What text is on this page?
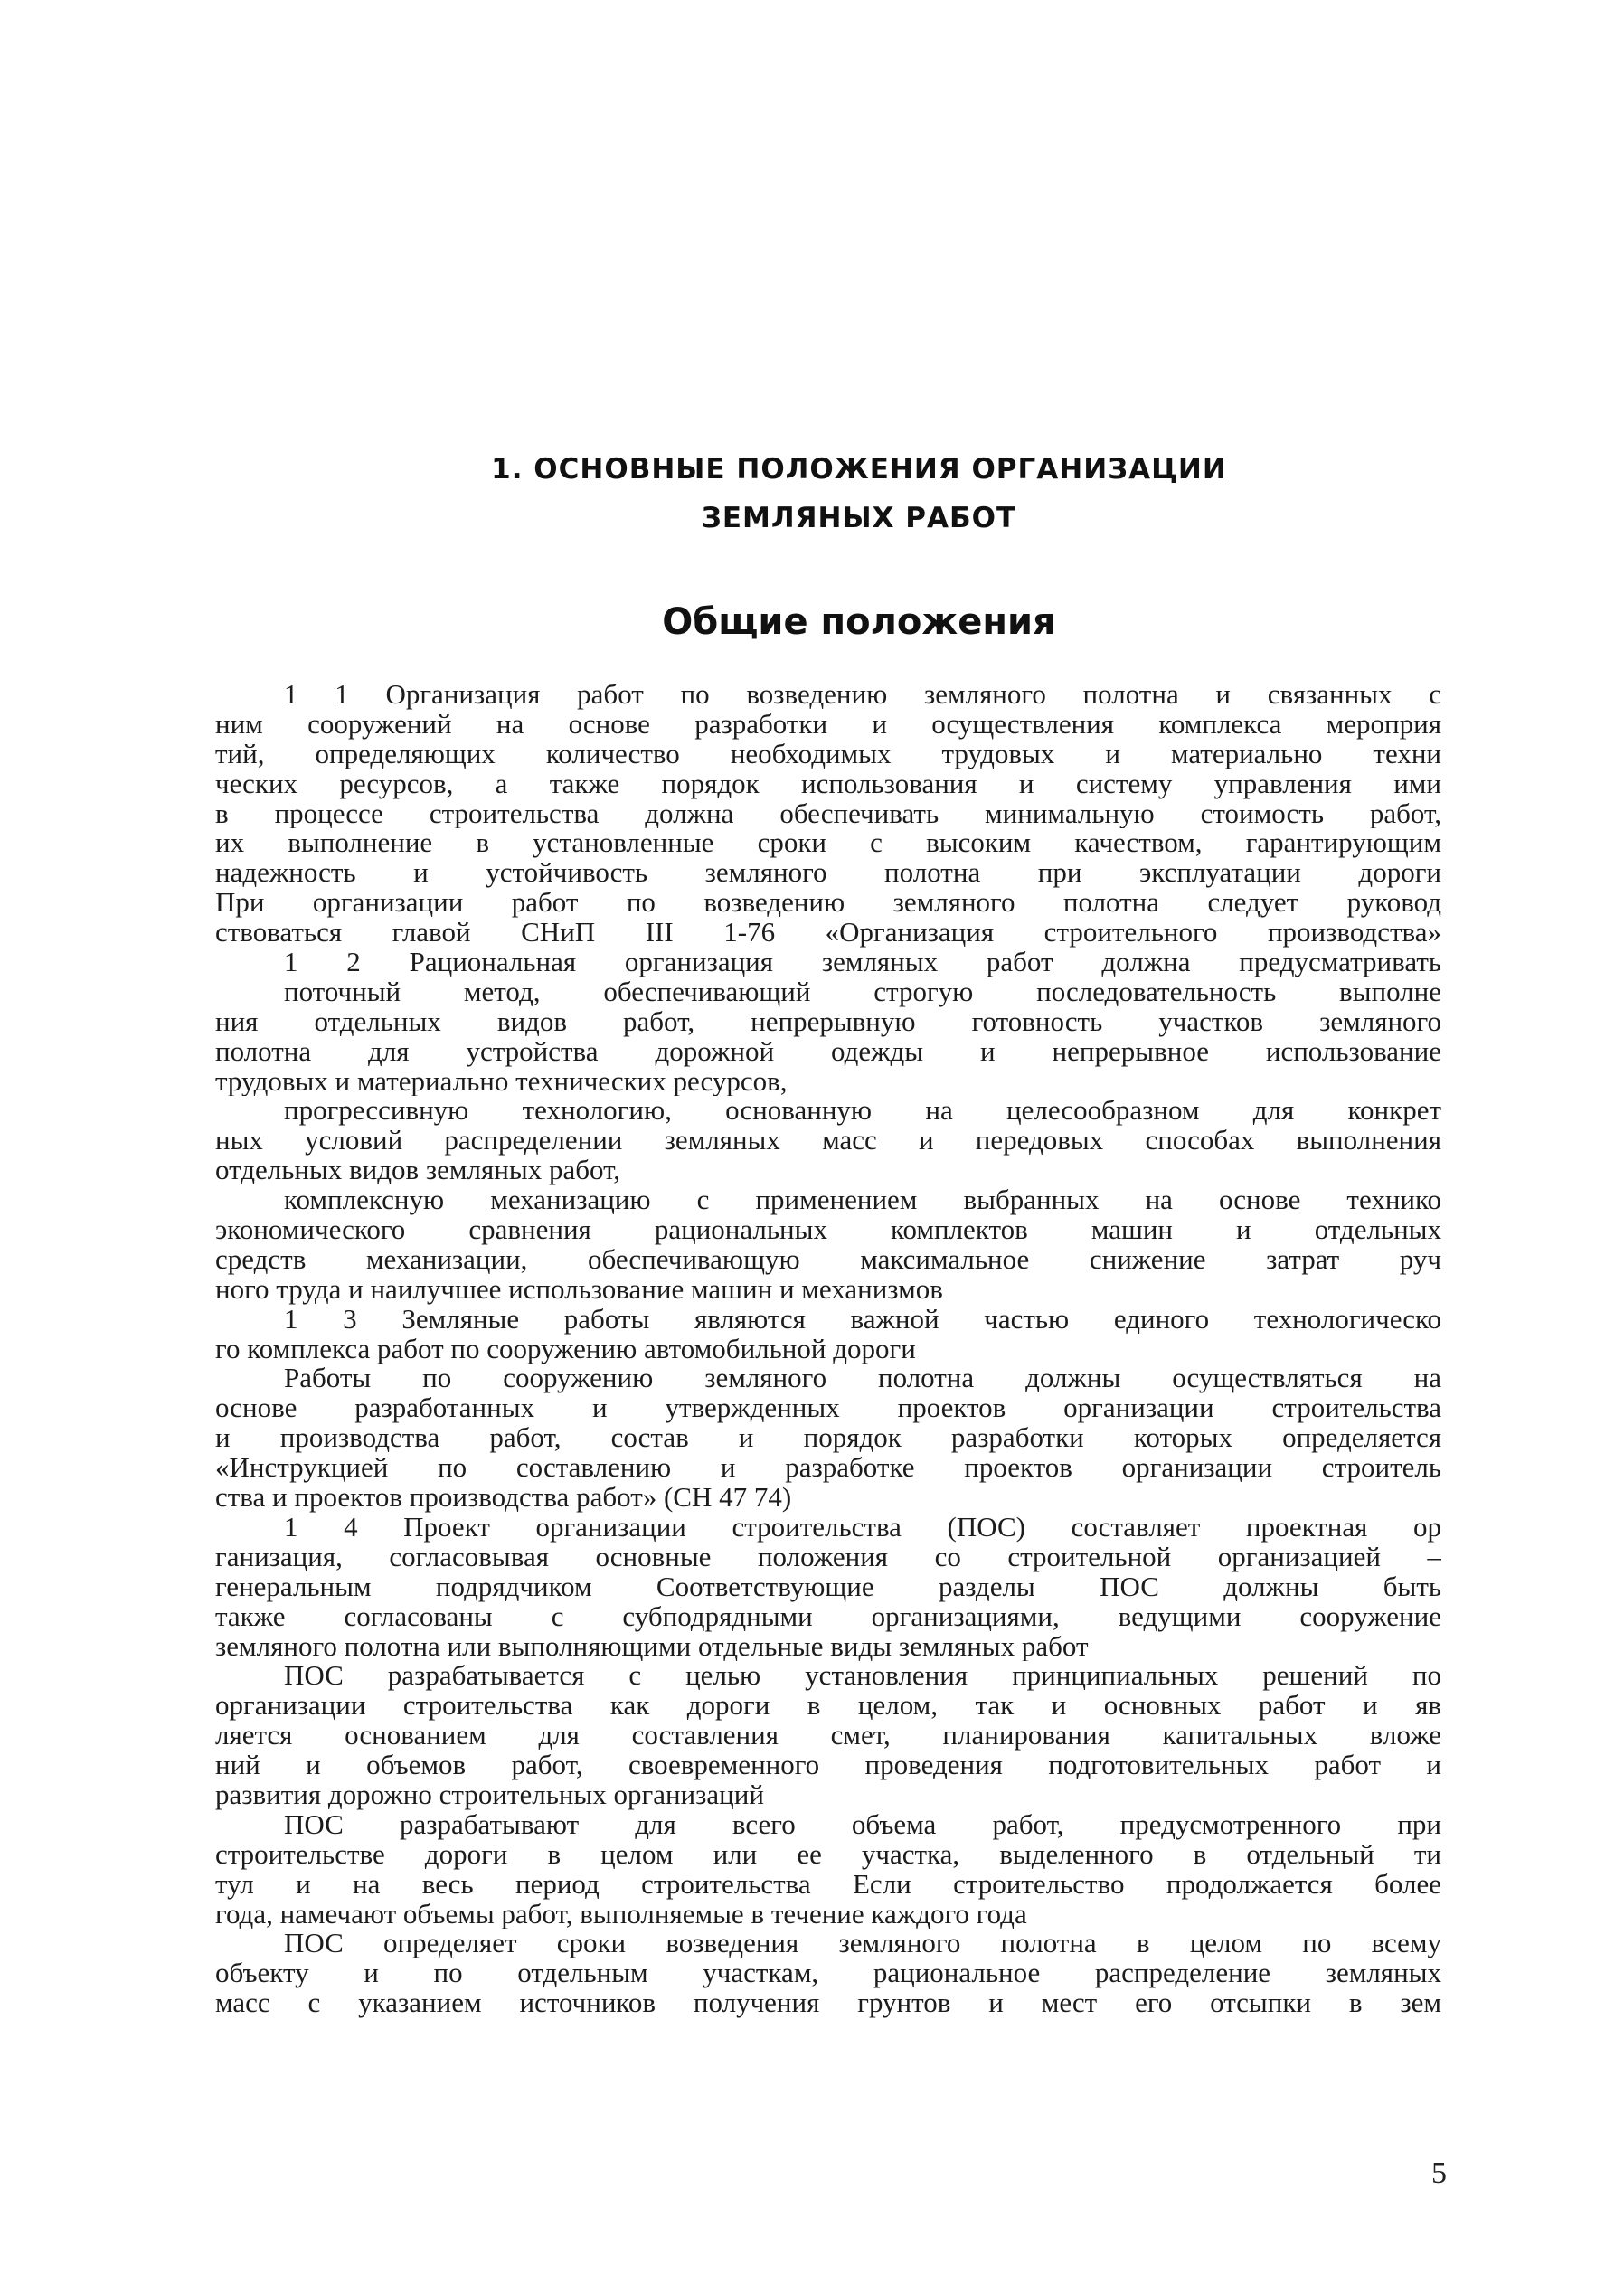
1. ОСНОВНЫЕ ПОЛОЖЕНИЯ ОРГАНИЗАЦИИ
ЗЕМЛЯНЫХ РАБОТ
Общие положения
1 1 Организация работ по возведению земляного полотна и связанных с
ним сооружений на основе разработки и осуществления комплекса мероприя
тий, определяющих количество необходимых трудовых и материально техни
ческих ресурсов, а также порядок использования и систему управления ими
в процессе строительства должна обеспечивать минимальную стоимость работ,
их выполнение в установленные сроки с высоким качеством, гарантирующим
надежность и устойчивость земляного полотна при эксплуатации дороги
При организации работ по возведению земляного полотна следует руковод
ствоваться главой СНиП III 1-76 «Организация строительного производства»
1 2 Рациональная организация земляных работ должна предусматривать
поточный метод, обеспечивающий строгую последовательность выполне
ния отдельных видов работ, непрерывную готовность участков земляного
полотна для устройства дорожной одежды и непрерывное использование
трудовых и материально технических ресурсов,
прогрессивную технологию, основанную на целесообразном для конкрет
ных условий распределении земляных масс и передовых способах выполнения
отдельных видов земляных работ,
комплексную механизацию с применением выбранных на основе технико
экономического сравнения рациональных комплектов машин и отдельных
средств механизации, обеспечивающую максимальное снижение затрат руч
ного труда и наилучшее использование машин и механизмов
1 3 Земляные работы являются важной частью единого технологическо
го комплекса работ по сооружению автомобильной дороги
Работы по сооружению земляного полотна должны осуществляться на
основе разработанных и утвержденных проектов организации строительства
и производства работ, состав и порядок разработки которых определяется
«Инструкцией по составлению и разработке проектов организации строитель
ства и проектов производства работ» (СН 47 74)
1 4 Проект организации строительства (ПОС) составляет проектная ор
ганизация, согласовывая основные положения со строительной организацией –
генеральным подрядчиком Соответствующие разделы ПОС должны быть
также согласованы с субподрядными организациями, ведущими сооружение
земляного полотна или выполняющими отдельные виды земляных работ
ПОС разрабатывается с целью установления принципиальных решений по
организации строительства как дороги в целом, так и основных работ и яв
ляется основанием для составления смет, планирования капитальных вложе
ний и объемов работ, своевременного проведения подготовительных работ и
развития дорожно строительных организаций
ПОС разрабатывают для всего объема работ, предусмотренного при
строительстве дороги в целом или ее участка, выделенного в отдельный ти
тул и на весь период строительства Если строительство продолжается более
года, намечают объемы работ, выполняемые в течение каждого года
ПОС определяет сроки возведения земляного полотна в целом по всему
объекту и по отдельным участкам, рациональное распределение земляных
масс с указанием источников получения грунтов и мест его отсыпки в зем
5
